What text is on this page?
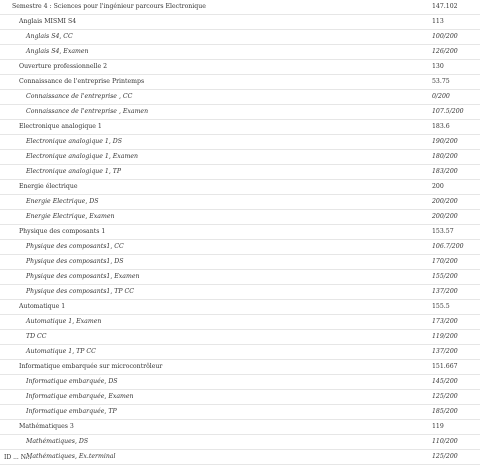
Semestre 4 : Sciences pour l'ingénieur parcours Electronique	147.102
Anglais MISMI S4	113
Anglais S4, CC	100/200
Anglais S4, Examen	126/200
Ouverture professionnelle 2	130
Connaissance de l'entreprise Printemps	53.75
Connaissance de l'entreprise , CC	0/200
Connaissance de l'entreprise , Examen	107.5/200
Electronique analogique 1	183.6
Electronique analogique 1, DS	190/200
Electronique analogique 1, Examen	180/200
Electronique analogique 1, TP	183/200
Energie électrique	200
Energie Electrique, DS	200/200
Energie Electrique, Examen	200/200
Physique des composants 1	153.57
Physique des composants1, CC	106.7/200
Physique des composants1, DS	170/200
Physique des composants1, Examen	155/200
Physique des composants1, TP CC	137/200
Automatique 1	155.5
Automatique 1, Examen	173/200
TD CC	119/200
Automatique 1, TP CC	137/200
Informatique embarquée sur microcontrôleur	151.667
Informatique embarquée, DS	145/200
Informatique embarquée, Examen	125/200
Informatique embarquée, TP	185/200
Mathématiques 3	119
Mathématiques, DS	110/200
Mathématiques, Ex.terminal	125/200
ID ... N...
